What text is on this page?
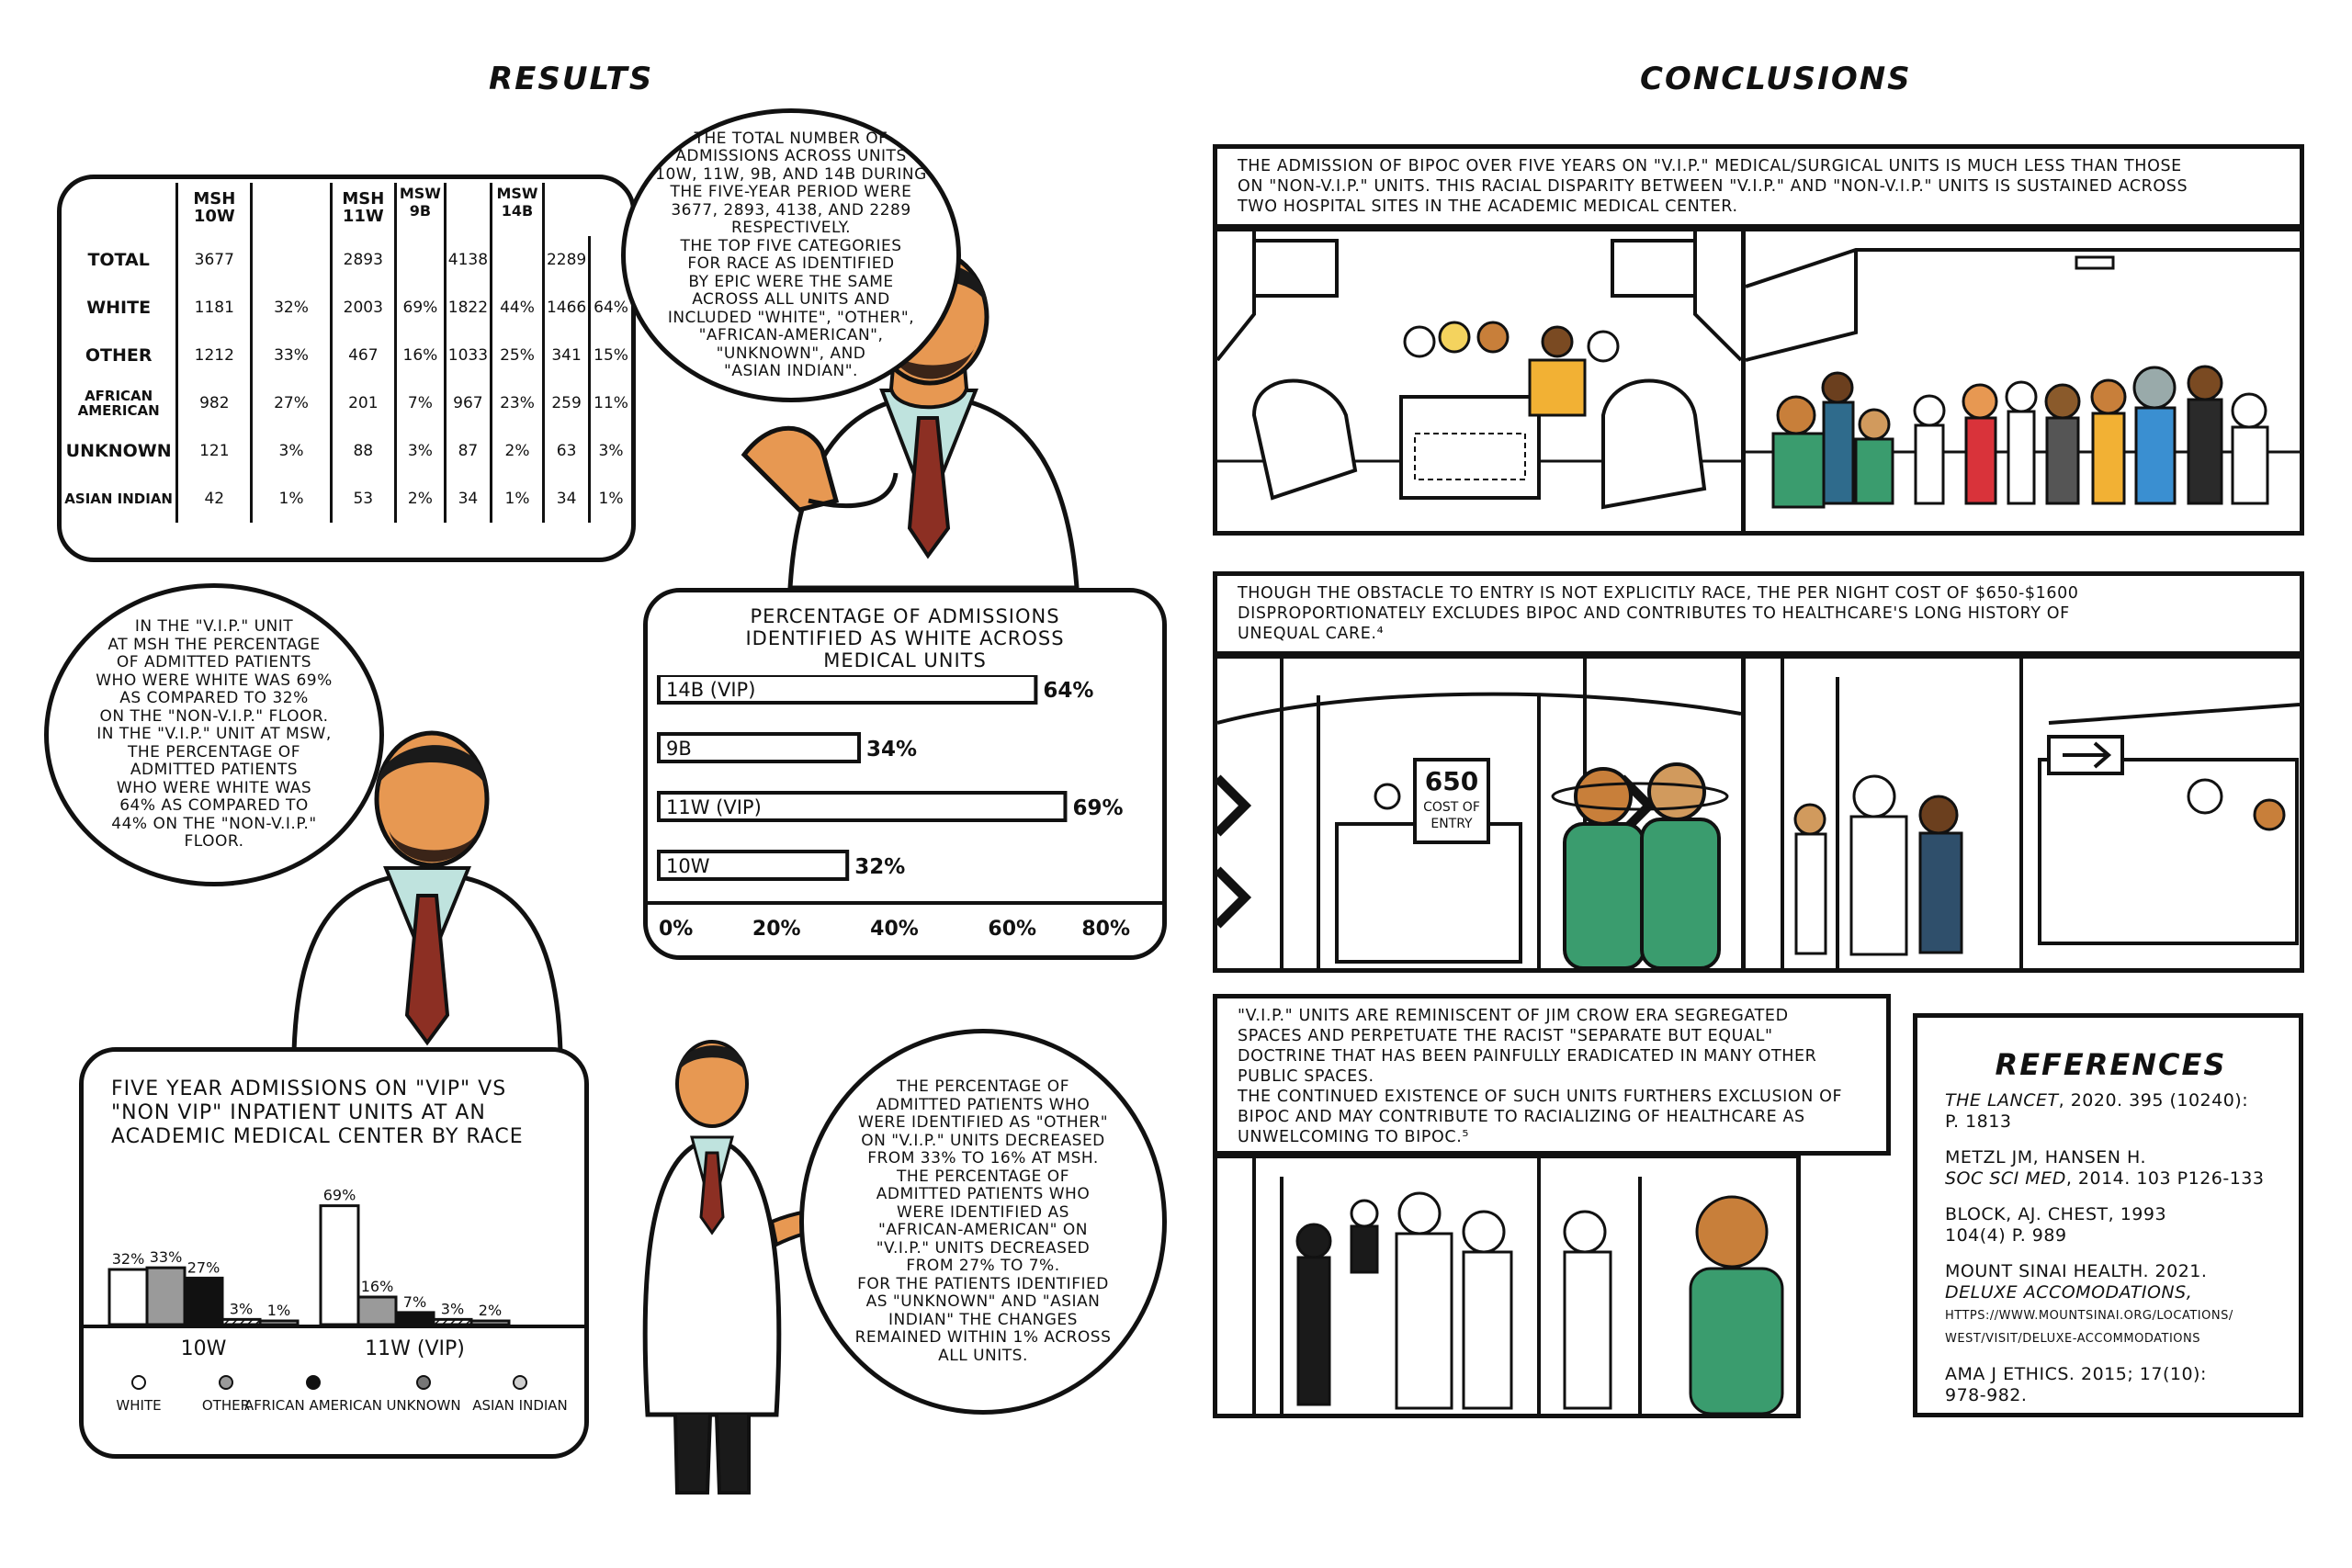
RESULTS	CONCLUSIONS
	MSH 10W		MSH 11W	MSW 9B		MSW 14B		
TOTAL	3677		2893		4138		2289	
WHITE	1181	32%	2003	69%	1822	44%	1466	64%
OTHER	1212	33%	467	16%	1033	25%	341	15%
AFRICAN AMERICAN	982	27%	201	7%	967	23%	259	11%
UNKNOWN	121	3%	88	3%	87	2%	63	3%
ASIAN INDIAN	42	1%	53	2%	34	1%	34	1%
THE TOTAL NUMBER OF
ADMISSIONS ACROSS UNITS
10W, 11W, 9B, AND 14B DURING
THE FIVE-YEAR PERIOD WERE
3677, 2893, 4138, AND 2289
RESPECTIVELY.
THE TOP FIVE CATEGORIES
FOR RACE AS IDENTIFIED
BY EPIC WERE THE SAME
ACROSS ALL UNITS AND
INCLUDED "WHITE", "OTHER",
"AFRICAN-AMERICAN",
"UNKNOWN", AND
"ASIAN INDIAN".
IN THE "V.I.P." UNIT
AT MSH THE PERCENTAGE
OF ADMITTED PATIENTS
WHO WERE WHITE WAS 69%
AS COMPARED TO 32%
ON THE "NON-V.I.P." FLOOR.
IN THE "V.I.P." UNIT AT MSW,
THE PERCENTAGE OF
ADMITTED PATIENTS
WHO WERE WHITE WAS
64% AS COMPARED TO
44% ON THE "NON-V.I.P."
FLOOR.
PERCENTAGE OF ADMISSIONS IDENTIFIED AS WHITE ACROSS MEDICAL UNITS
14B (VIP)	64%
9B	34%
11W (VIP)	69%
10W	32%
0%	20%	40%	60% 80%
FIVE YEAR ADMISSIONS ON "VIP" VS "NON VIP" INPATIENT UNITS AT AN ACADEMIC MEDICAL CENTER BY RACE
32% 33%
27%
3% 1%
10W
69%
16%
7% 3% 2%
11W (VIP)
WHITE	OTHER
AFRICAN AMERICAN UNKNOWN ASIAN INDIAN
THE PERCENTAGE OF
ADMITTED PATIENTS WHO
WERE IDENTIFIED AS "OTHER"
ON "V.I.P." UNITS DECREASED
FROM 33% TO 16% AT MSH.
THE PERCENTAGE OF
ADMITTED PATIENTS WHO
WERE IDENTIFIED AS
"AFRICAN-AMERICAN" ON
"V.I.P." UNITS DECREASED
FROM 27% TO 7%.
FOR THE PATIENTS IDENTIFIED
AS "UNKNOWN" AND "ASIAN
INDIAN" THE CHANGES
REMAINED WITHIN 1% ACROSS
ALL UNITS.
THE ADMISSION OF BIPOC OVER FIVE YEARS ON "V.I.P." MEDICAL/SURGICAL UNITS IS MUCH LESS THAN THOSE
ON "NON-V.I.P." UNITS. THIS RACIAL DISPARITY BETWEEN "V.I.P." AND "NON-V.I.P." UNITS IS SUSTAINED ACROSS
TWO HOSPITAL SITES IN THE ACADEMIC MEDICAL CENTER.
THOUGH THE OBSTACLE TO ENTRY IS NOT EXPLICITLY RACE, THE PER NIGHT COST OF $650-$1600
DISPROPORTIONATELY EXCLUDES BIPOC AND CONTRIBUTES TO HEALTHCARE'S LONG HISTORY OF
UNEQUAL CARE.⁴
650
COST OF
ENTRY
"V.I.P." UNITS ARE REMINISCENT OF JIM CROW ERA SEGREGATED
SPACES AND PERPETUATE THE RACIST "SEPARATE BUT EQUAL"
DOCTRINE THAT HAS BEEN PAINFULLY ERADICATED IN MANY OTHER
PUBLIC SPACES.
THE CONTINUED EXISTENCE OF SUCH UNITS FURTHERS EXCLUSION OF
BIPOC AND MAY CONTRIBUTE TO RACIALIZING OF HEALTHCARE AS
UNWELCOMING TO BIPOC.⁵
REFERENCES

THE LANCET, 2020. 395 (10240):
P. 1813

METZL JM, HANSEN H.
SOC SCI MED, 2014. 103 P126-133

BLOCK, AJ. CHEST, 1993
104(4) P. 989

MOUNT SINAI HEALTH. 2021.
DELUXE ACCOMODATIONS,
HTTPS://WWW.MOUNTSINAI.ORG/LOCATIONS/
WEST/VISIT/DELUXE-ACCOMMODATIONS

AMA J ETHICS. 2015; 17(10):
978-982.
